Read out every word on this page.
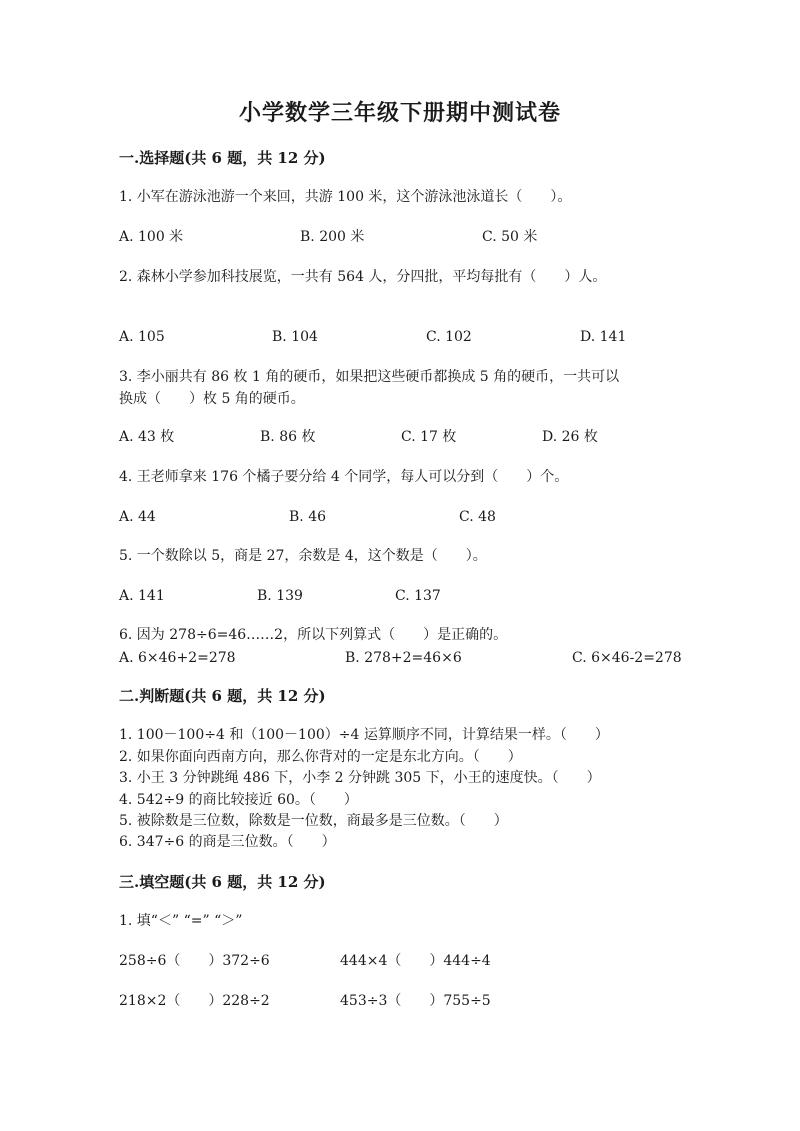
小学数学三年级下册期中测试卷
一.选择题(共 6 题，共 12 分)
1. 小军在游泳池游一个来回，共游 100 米，这个游泳池泳道长（　　）。
A. 100 米	B. 200 米	C. 50 米
2. 森林小学参加科技展览，一共有 564 人，分四批，平均每批有（　　）人。
A. 105	B. 104	C. 102	D. 141
3. 李小丽共有 86 枚 1 角的硬币，如果把这些硬币都换成 5 角的硬币，一共可以
换成（　　）枚 5 角的硬币。
A. 43 枚	B. 86 枚	C. 17 枚	D. 26 枚
4. 王老师拿来 176 个橘子要分给 4 个同学，每人可以分到（　　）个。
A. 44	B. 46	C. 48
5. 一个数除以 5，商是 27，余数是 4，这个数是（　　）。
A. 141	B. 139	C. 137
6. 因为 278÷6=46……2，所以下列算式（　　）是正确的。
A. 6×46+2=278	B. 278+2=46×6	C. 6×46-2=278
二.判断题(共 6 题，共 12 分)
1. 100－100÷4 和（100－100）÷4 运算顺序不同，计算结果一样。（　　）
2. 如果你面向西南方向，那么你背对的一定是东北方向。（　　）
3. 小王 3 分钟跳绳 486 下，小李 2 分钟跳 305 下，小王的速度快。（　　）
4. 542÷9 的商比较接近 60。（　　）
5. 被除数是三位数，除数是一位数，商最多是三位数。（　　）
6. 347÷6 的商是三位数。（　　）
三.填空题(共 6 题，共 12 分)
1. 填“＜” “=” “＞”
258÷6（　　）372÷6	444×4（　　）444÷4
218×2（　　）228÷2	453÷3（　　）755÷5
